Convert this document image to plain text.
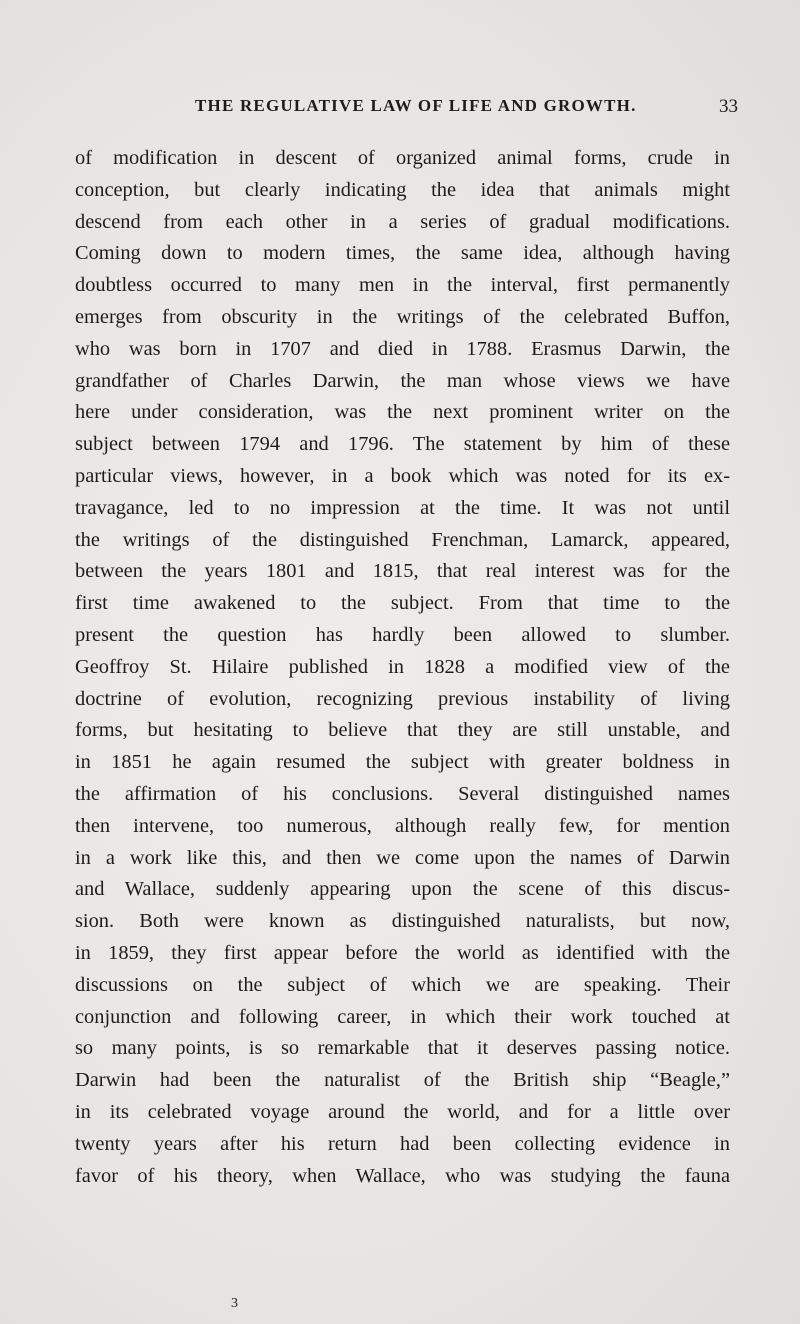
THE REGULATIVE LAW OF LIFE AND GROWTH.	33
of modification in descent of organized animal forms, crude in
conception, but clearly indicating the idea that animals might
descend from each other in a series of gradual modifications.
Coming down to modern times, the same idea, although having
doubtless occurred to many men in the interval, first permanently
emerges from obscurity in the writings of the celebrated Buffon,
who was born in 1707 and died in 1788. Erasmus Darwin, the
grandfather of Charles Darwin, the man whose views we have
here under consideration, was the next prominent writer on the
subject between 1794 and 1796. The statement by him of these
particular views, however, in a book which was noted for its ex-
travagance, led to no impression at the time. It was not until
the writings of the distinguished Frenchman, Lamarck, appeared,
between the years 1801 and 1815, that real interest was for the
first time awakened to the subject. From that time to the
present the question has hardly been allowed to slumber.
Geoffroy St. Hilaire published in 1828 a modified view of the
doctrine of evolution, recognizing previous instability of living
forms, but hesitating to believe that they are still unstable, and
in 1851 he again resumed the subject with greater boldness in
the affirmation of his conclusions. Several distinguished names
then intervene, too numerous, although really few, for mention
in a work like this, and then we come upon the names of Darwin
and Wallace, suddenly appearing upon the scene of this discus-
sion. Both were known as distinguished naturalists, but now,
in 1859, they first appear before the world as identified with the
discussions on the subject of which we are speaking. Their
conjunction and following career, in which their work touched at
so many points, is so remarkable that it deserves passing notice.
Darwin had been the naturalist of the British ship “Beagle,”
in its celebrated voyage around the world, and for a little over
twenty years after his return had been collecting evidence in
favor of his theory, when Wallace, who was studying the fauna
3
